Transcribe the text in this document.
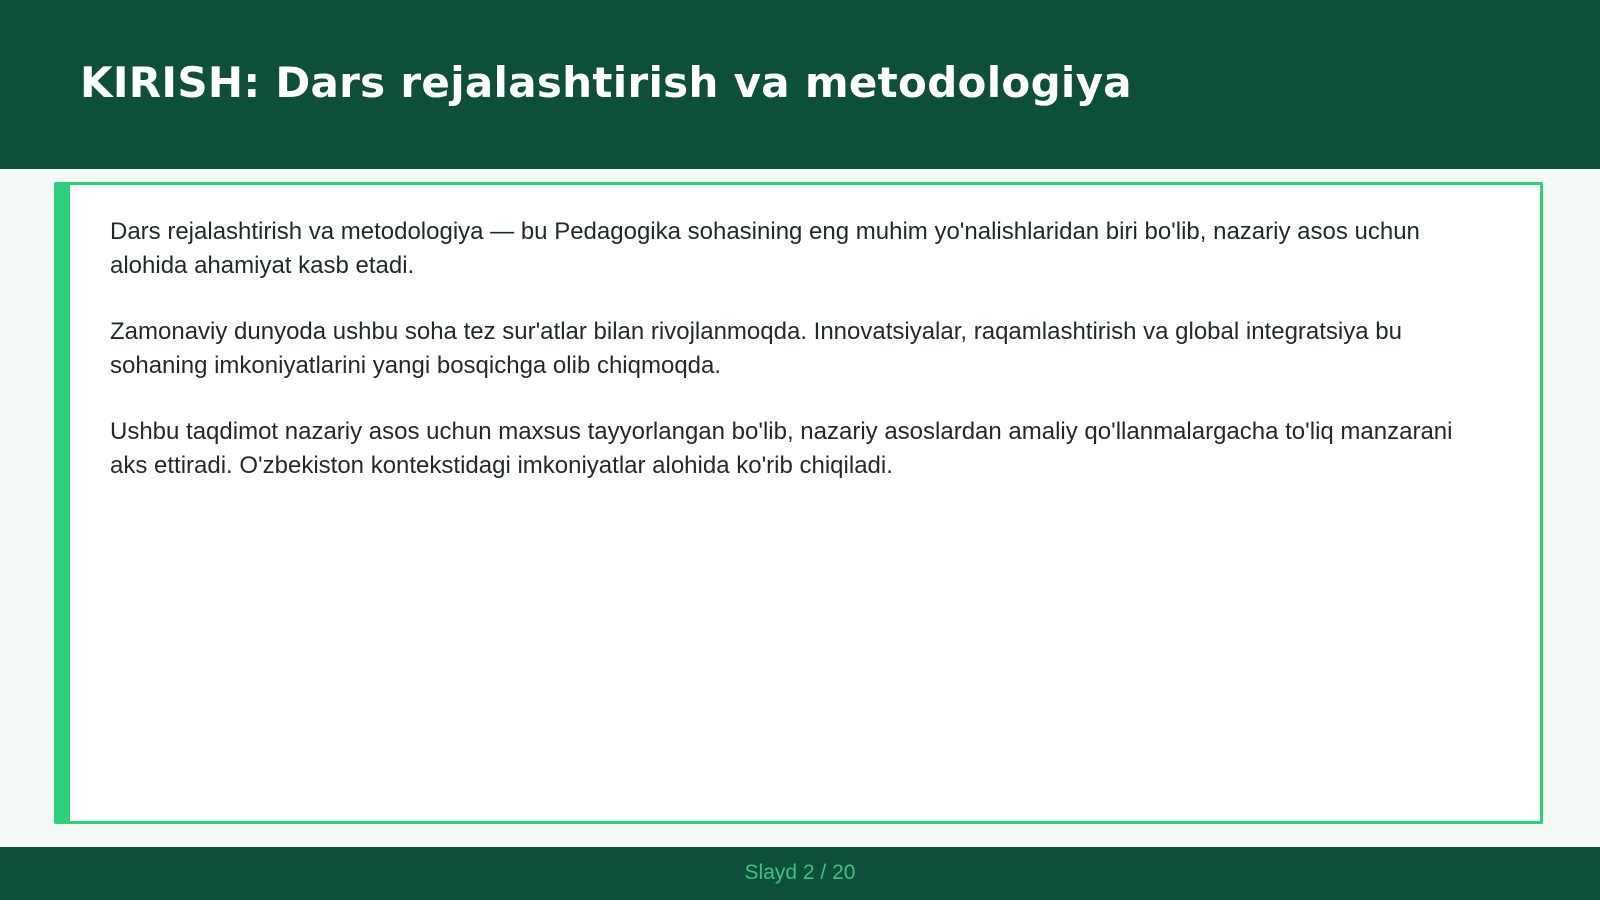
KIRISH: Dars rejalashtirish va metodologiya

Dars rejalashtirish va metodologiya — bu Pedagogika sohasining eng muhim yo'nalishlaridan biri bo'lib, nazariy asos uchun alohida ahamiyat kasb etadi.

Zamonaviy dunyoda ushbu soha tez sur'atlar bilan rivojlanmoqda. Innovatsiyalar, raqamlashtirish va global integratsiya bu sohaning imkoniyatlarini yangi bosqichga olib chiqmoqda.

Ushbu taqdimot nazariy asos uchun maxsus tayyorlangan bo'lib, nazariy asoslardan amaliy qo'llanmalargacha to'liq manzarani aks ettiradi. O'zbekiston kontekstidagi imkoniyatlar alohida ko'rib chiqiladi.

Slayd 2 / 20
